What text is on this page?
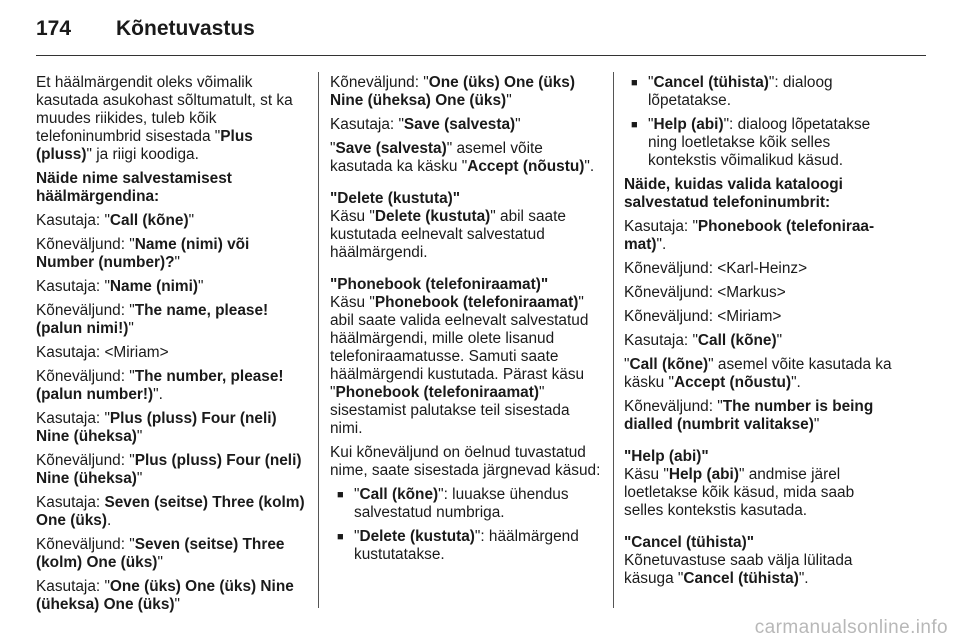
174 Kõnetuvastus

Et häälmärgendit oleks võimalik kasutada asukohast sõltumatult, st ka muudes riikides, tuleb kõik telefoninumbrid sisestada "Plus (pluss)" ja riigi koodiga.

Näide nime salvestamisest häälmärgendina:

Kasutaja: "Call (kõne)"

Kõneväljund: "Name (nimi) või Number (number)?"

Kasutaja: "Name (nimi)"

Kõneväljund: "The name, please! (palun nimi!)"

Kasutaja: <Miriam>

Kõneväljund: "The number, please! (palun number!)".

Kasutaja: "Plus (pluss) Four (neli) Nine (üheksa)"

Kõneväljund: "Plus (pluss) Four (neli) Nine (üheksa)"

Kasutaja: Seven (seitse) Three (kolm) One (üks).

Kõneväljund: "Seven (seitse) Three (kolm) One (üks)"

Kasutaja: "One (üks) One (üks) Nine (üheksa) One (üks)"

Kõneväljund: "One (üks) One (üks) Nine (üheksa) One (üks)"

Kasutaja: "Save (salvesta)"

"Save (salvesta)" asemel võite kasutada ka käsku "Accept (nõustu)".

"Delete (kustuta)"

Käsu "Delete (kustuta)" abil saate kustutada eelnevalt salvestatud häälmärgendi.

"Phonebook (telefoniraamat)"

Käsu "Phonebook (telefoniraamat)" abil saate valida eelnevalt salvestatud häälmärgendi, mille olete lisanud telefoniraamatusse. Samuti saate häälmärgendi kustutada. Pärast käsu "Phonebook (telefoniraamat)" sisestamist palutakse teil sisestada nimi.

Kui kõneväljund on öelnud tuvastatud nime, saate sisestada järgnevad käsud:

■ "Call (kõne)": luuakse ühendus salvestatud numbriga.

■ "Delete (kustuta)": häälmärgend kustutatakse.

■ "Cancel (tühista)": dialoog lõpetatakse.

■ "Help (abi)": dialoog lõpetatakse ning loetletakse kõik selles kontekstis võimalikud käsud.

Näide, kuidas valida kataloogi salvestatud telefoninumbrit:

Kasutaja: "Phonebook (telefoniraamat)".

Kõneväljund: <Karl-Heinz>

Kõneväljund: <Markus>

Kõneväljund: <Miriam>

Kasutaja: "Call (kõne)"

"Call (kõne)" asemel võite kasutada ka käsku "Accept (nõustu)".

Kõneväljund: "The number is being dialled (numbrit valitakse)"

"Help (abi)"

Käsu "Help (abi)" andmise järel loetletakse kõik käsud, mida saab selles kontekstis kasutada.

"Cancel (tühista)"

Kõnetuvastuse saab välja lülitada käsuga "Cancel (tühista)".

carmanualsonline.info
